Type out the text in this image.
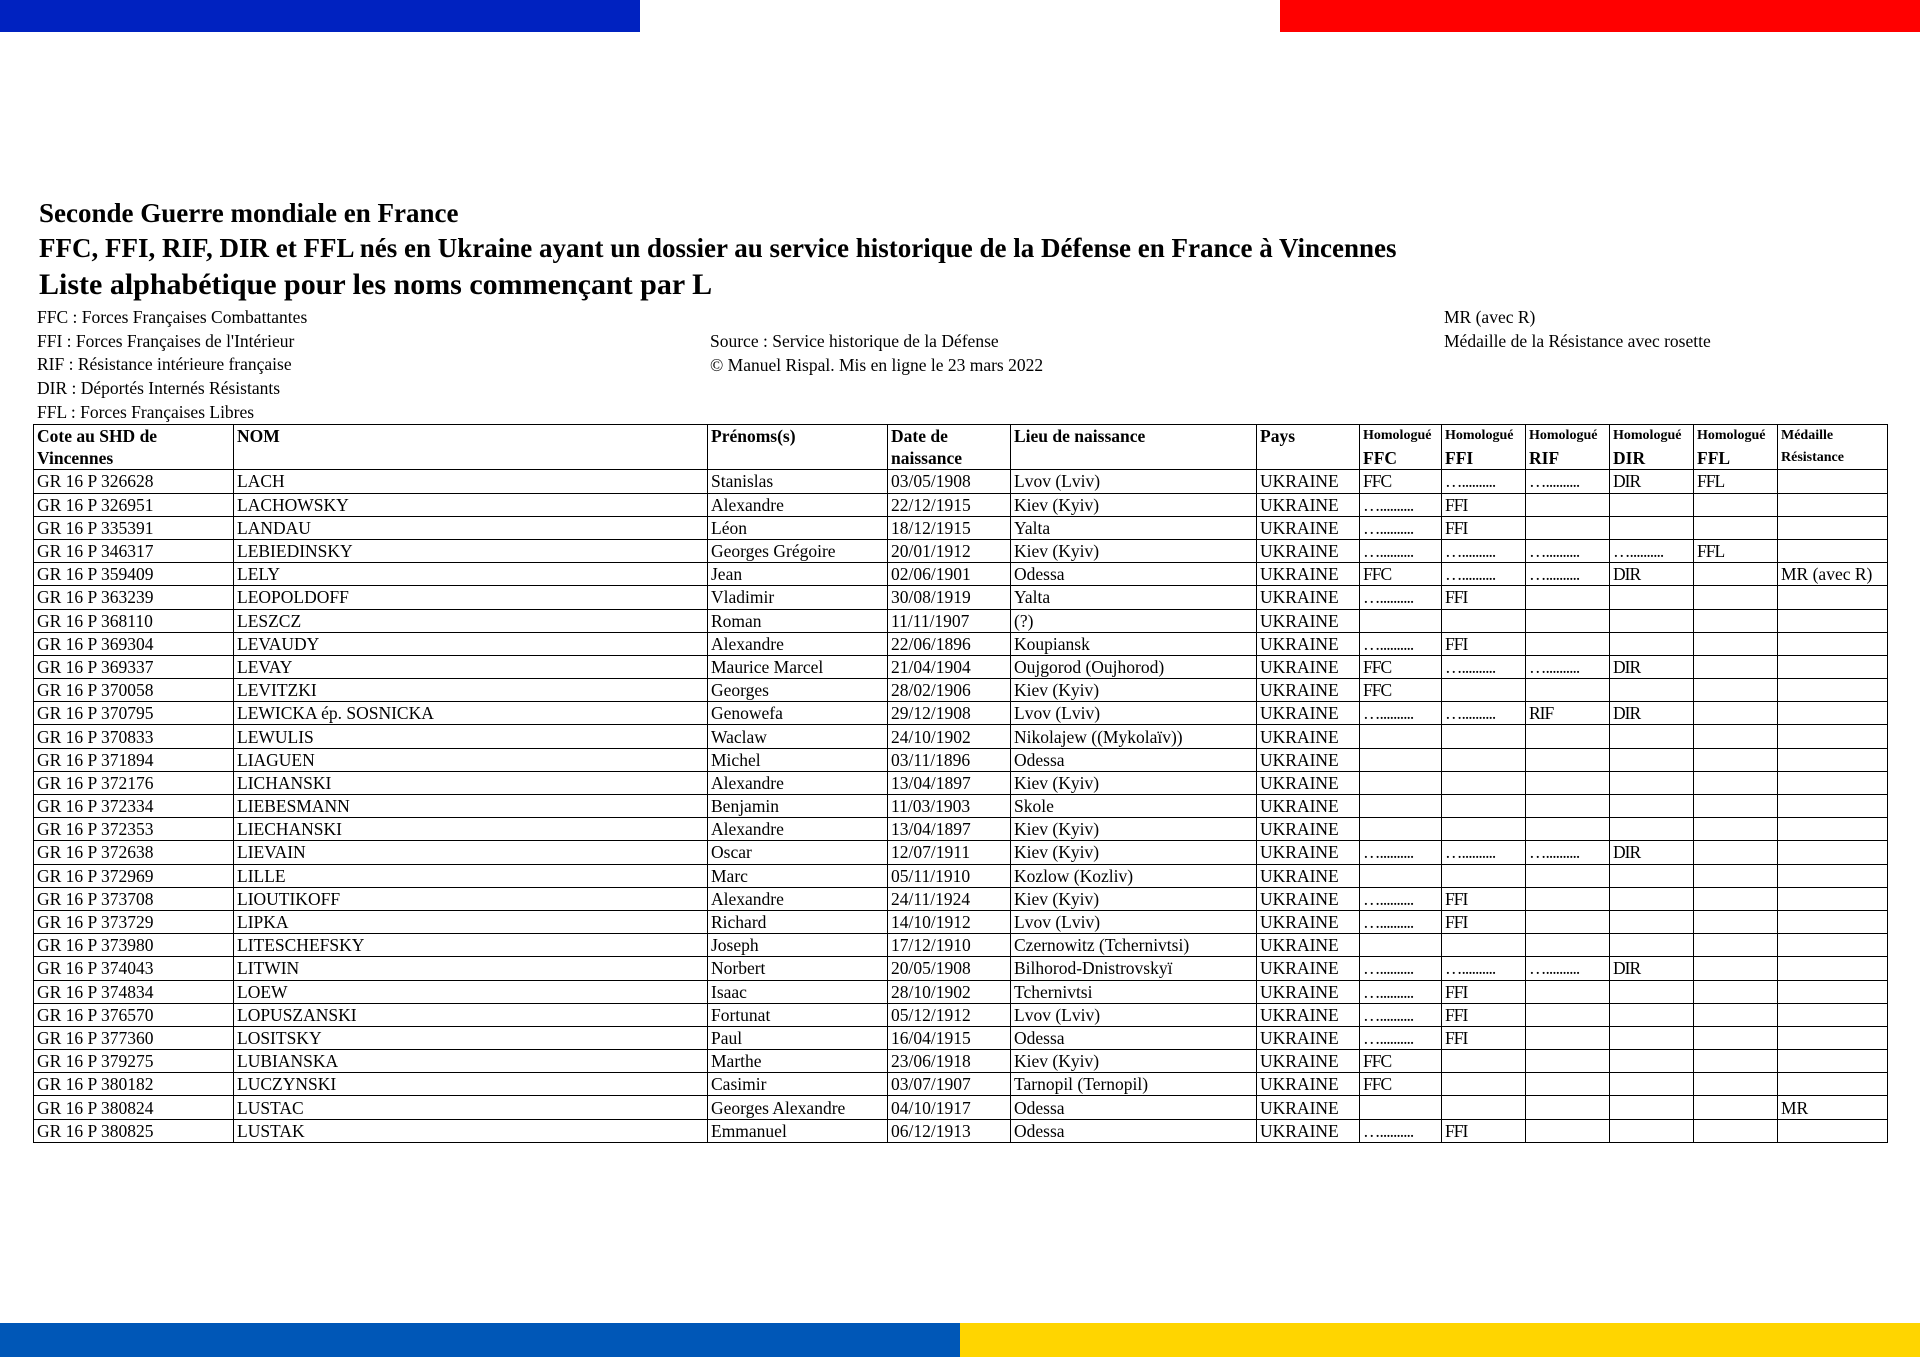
Seconde Guerre mondiale en France
FFC, FFI, RIF, DIR et FFL nés en Ukraine ayant un dossier au service historique de la Défense en France à Vincennes
Liste alphabétique pour les noms commençant par L
FFC : Forces Françaises Combattantes
FFI : Forces Françaises de l'Intérieur
RIF : Résistance intérieure française
DIR : Déportés Internés Résistants
FFL : Forces Françaises Libres
Source : Service historique de la Défense
© Manuel Rispal. Mis en ligne le 23 mars 2022
MR (avec R)
Médaille de la Résistance avec rosette
Cote au SHD de	NOM	Prénoms(s)	Date de	Lieu de naissance	Pays	Homologué	Homologué	Homologué	Homologué	Homologué	Médaille
Vincennes			naissance			FFC	FFI	RIF	DIR	FFL	Résistance
GR 16 P 326628	LACH	Stanislas	03/05/1908	Lvov (Lviv)	UKRAINE	FFC	…..........	…..........	DIR	FFL	
GR 16 P 326951	LACHOWSKY	Alexandre	22/12/1915	Kiev (Kyiv)	UKRAINE	…..........	FFI				
GR 16 P 335391	LANDAU	Léon	18/12/1915	Yalta	UKRAINE	…..........	FFI				
GR 16 P 346317	LEBIEDINSKY	Georges Grégoire	20/01/1912	Kiev (Kyiv)	UKRAINE	…..........	…..........	…..........	…..........	FFL	
GR 16 P 359409	LELY	Jean	02/06/1901	Odessa	UKRAINE	FFC	…..........	…..........	DIR		MR (avec R)
GR 16 P 363239	LEOPOLDOFF	Vladimir	30/08/1919	Yalta	UKRAINE	…..........	FFI				
GR 16 P 368110	LESZCZ	Roman	11/11/1907	(?)	UKRAINE						
GR 16 P 369304	LEVAUDY	Alexandre	22/06/1896	Koupiansk	UKRAINE	…..........	FFI				
GR 16 P 369337	LEVAY	Maurice Marcel	21/04/1904	Oujgorod (Oujhorod)	UKRAINE	FFC	…..........	…..........	DIR		
GR 16 P 370058	LEVITZKI	Georges	28/02/1906	Kiev (Kyiv)	UKRAINE	FFC					
GR 16 P 370795	LEWICKA ép. SOSNICKA	Genowefa	29/12/1908	Lvov (Lviv)	UKRAINE	…..........	…..........	RIF	DIR		
GR 16 P 370833	LEWULIS	Waclaw	24/10/1902	Nikolajew ((Mykolaïv))	UKRAINE						
GR 16 P 371894	LIAGUEN	Michel	03/11/1896	Odessa	UKRAINE						
GR 16 P 372176	LICHANSKI	Alexandre	13/04/1897	Kiev (Kyiv)	UKRAINE						
GR 16 P 372334	LIEBESMANN	Benjamin	11/03/1903	Skole	UKRAINE						
GR 16 P 372353	LIECHANSKI	Alexandre	13/04/1897	Kiev (Kyiv)	UKRAINE						
GR 16 P 372638	LIEVAIN	Oscar	12/07/1911	Kiev (Kyiv)	UKRAINE	…..........	…..........	…..........	DIR		
GR 16 P 372969	LILLE	Marc	05/11/1910	Kozlow (Kozliv)	UKRAINE						
GR 16 P 373708	LIOUTIKOFF	Alexandre	24/11/1924	Kiev (Kyiv)	UKRAINE	…..........	FFI				
GR 16 P 373729	LIPKA	Richard	14/10/1912	Lvov (Lviv)	UKRAINE	…..........	FFI				
GR 16 P 373980	LITESCHEFSKY	Joseph	17/12/1910	Czernowitz (Tchernivtsi)	UKRAINE						
GR 16 P 374043	LITWIN	Norbert	20/05/1908	Bilhorod-Dnistrovskyï	UKRAINE	…..........	…..........	…..........	DIR		
GR 16 P 374834	LOEW	Isaac	28/10/1902	Tchernivtsi	UKRAINE	…..........	FFI				
GR 16 P 376570	LOPUSZANSKI	Fortunat	05/12/1912	Lvov (Lviv)	UKRAINE	…..........	FFI				
GR 16 P 377360	LOSITSKY	Paul	16/04/1915	Odessa	UKRAINE	…..........	FFI				
GR 16 P 379275	LUBIANSKA	Marthe	23/06/1918	Kiev (Kyiv)	UKRAINE	FFC					
GR 16 P 380182	LUCZYNSKI	Casimir	03/07/1907	Tarnopil (Ternopil)	UKRAINE	FFC					
GR 16 P 380824	LUSTAC	Georges Alexandre	04/10/1917	Odessa	UKRAINE						MR
GR 16 P 380825	LUSTAK	Emmanuel	06/12/1913	Odessa	UKRAINE	…..........	FFI				
